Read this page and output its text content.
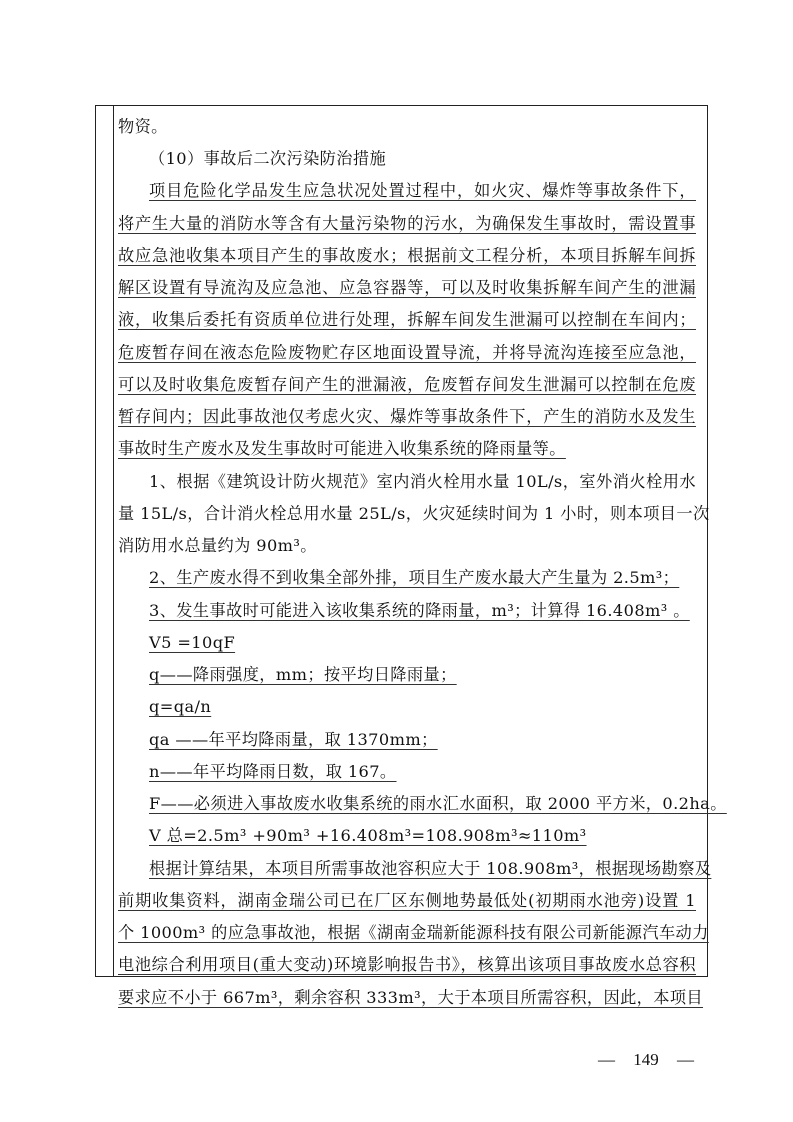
物资。
（10）事故后二次污染防治措施
项目危险化学品发生应急状况处置过程中，如火灾、爆炸等事故条件下，
将产生大量的消防水等含有大量污染物的污水，为确保发生事故时，需设置事
故应急池收集本项目产生的事故废水；根据前文工程分析，本项目拆解车间拆
解区设置有导流沟及应急池、应急容器等，可以及时收集拆解车间产生的泄漏
液，收集后委托有资质单位进行处理，拆解车间发生泄漏可以控制在车间内；
危废暂存间在液态危险废物贮存区地面设置导流，并将导流沟连接至应急池，
可以及时收集危废暂存间产生的泄漏液，危废暂存间发生泄漏可以控制在危废
暂存间内；因此事故池仅考虑火灾、爆炸等事故条件下，产生的消防水及发生
事故时生产废水及发生事故时可能进入收集系统的降雨量等。
1、根据《建筑设计防火规范》室内消火栓用水量 10L/s，室外消火栓用水
量 15L/s，合计消火栓总用水量 25L/s，火灾延续时间为 1 小时，则本项目一次
消防用水总量约为 90m³。
2、生产废水得不到收集全部外排，项目生产废水最大产生量为 2.5m³；
3、发生事故时可能进入该收集系统的降雨量，m³；计算得 16.408m³ 。
V5 =10qF
q——降雨强度，mm；按平均日降雨量；
q=qa/n
qa ——年平均降雨量，取 1370mm；
n——年平均降雨日数，取 167。
F——必须进入事故废水收集系统的雨水汇水面积，取 2000 平方米，0.2ha。
V 总=2.5m³ +90m³ +16.408m³=108.908m³≈110m³
根据计算结果，本项目所需事故池容积应大于 108.908m³，根据现场勘察及
前期收集资料，湖南金瑞公司已在厂区东侧地势最低处(初期雨水池旁)设置 1
个 1000m³ 的应急事故池，根据《湖南金瑞新能源科技有限公司新能源汽车动力
电池综合利用项目(重大变动)环境影响报告书》，核算出该项目事故废水总容积
要求应不小于 667m³，剩余容积 333m³，大于本项目所需容积，因此，本项目
— 149 —
